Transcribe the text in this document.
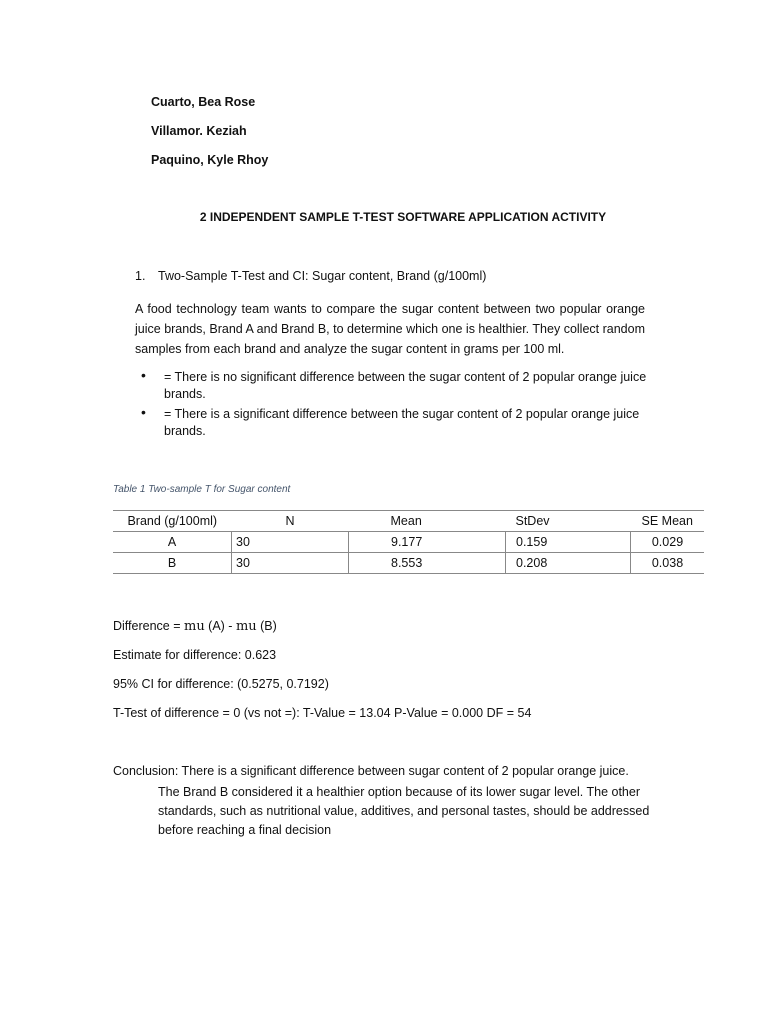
Cuarto, Bea Rose
Villamor. Keziah
Paquino, Kyle Rhoy
2 INDEPENDENT SAMPLE T-TEST SOFTWARE APPLICATION ACTIVITY
1. Two-Sample T-Test and CI: Sugar content, Brand (g/100ml)
A food technology team wants to compare the sugar content between two popular orange juice brands, Brand A and Brand B, to determine which one is healthier. They collect random samples from each brand and analyze the sugar content in grams per 100 ml.
• = There is no significant difference between the sugar content of 2 popular orange juice brands.
• = There is a significant difference between the sugar content of 2 popular orange juice brands.
Table 1 Two-sample T for Sugar content
Brand (g/100ml)	N	Mean	StDev	SE Mean
A	30	9.177	0.159	0.029
B	30	8.553	0.208	0.038
Difference = mu (A) - mu (B)
Estimate for difference: 0.623
95% CI for difference: (0.5275, 0.7192)
T-Test of difference = 0 (vs not =): T-Value = 13.04 P-Value = 0.000 DF = 54
Conclusion: There is a significant difference between sugar content of 2 popular orange juice.
The Brand B considered it a healthier option because of its lower sugar level. The other standards, such as nutritional value, additives, and personal tastes, should be addressed before reaching a final decision
